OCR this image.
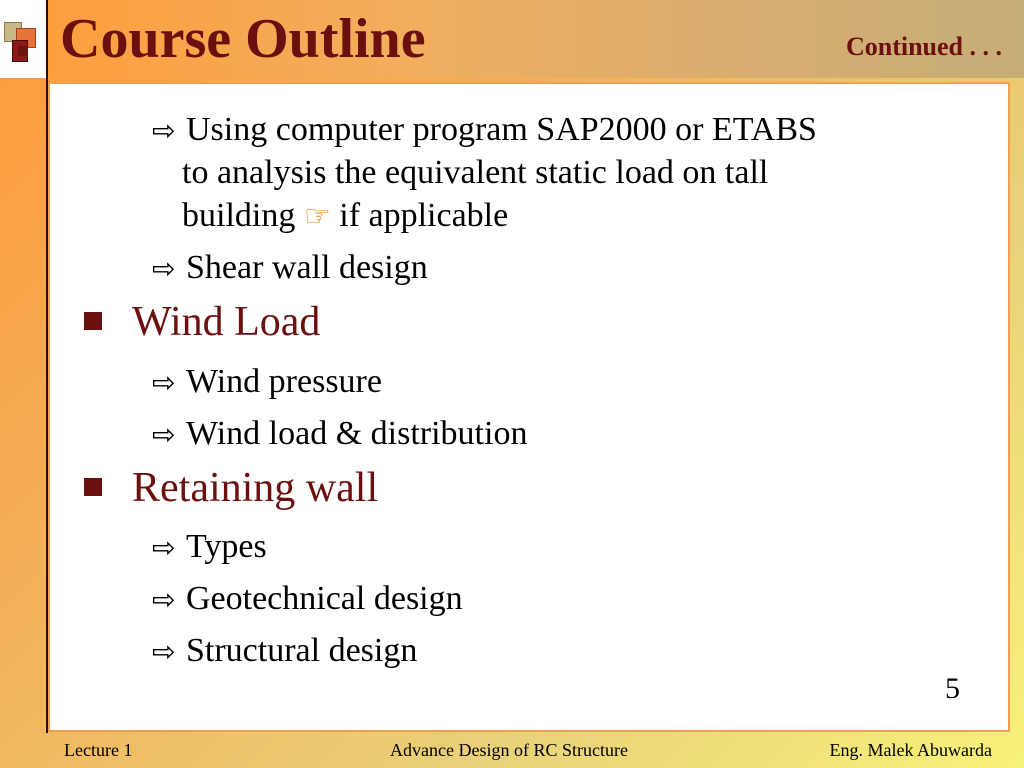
Course Outline	Continued . . .
⇨ Using computer program SAP2000 or ETABS
to analysis the equivalent static load on tall
building ☞ if applicable
⇨ Shear wall design
Wind Load
⇨ Wind pressure
⇨ Wind load & distribution
Retaining wall
⇨ Types
⇨ Geotechnical design
⇨ Structural design
5
Lecture 1	Advance Design of RC Structure	Eng. Malek Abuwarda
